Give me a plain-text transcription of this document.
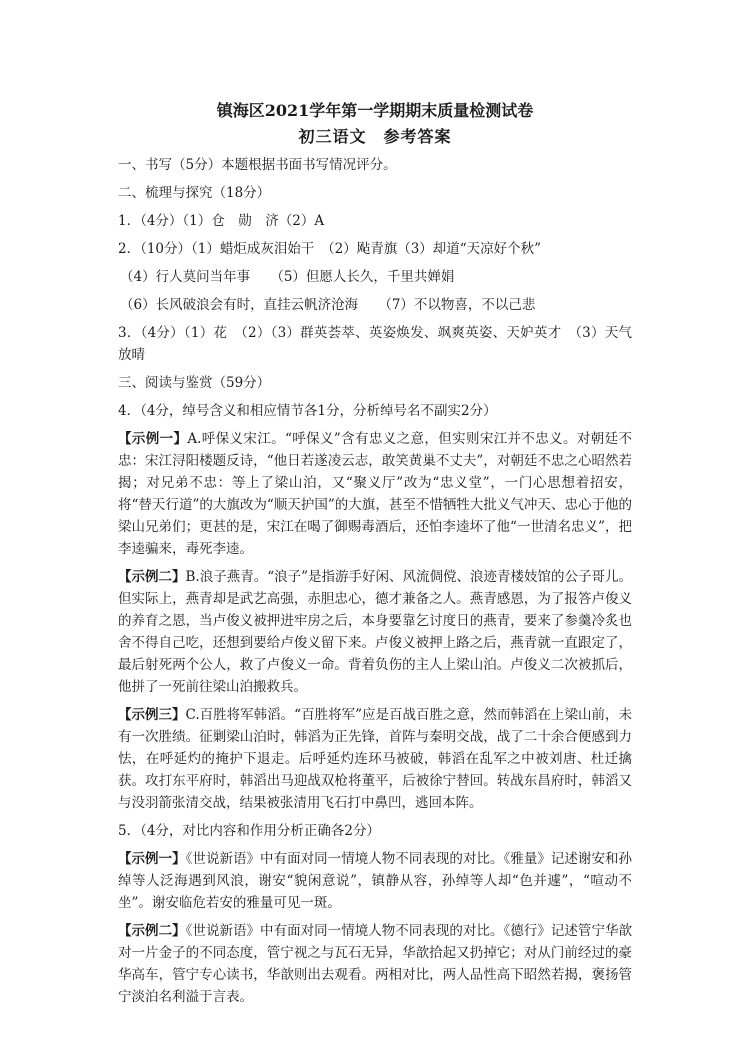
镇海区2021学年第一学期期末质量检测试卷
初三语文　参考答案

一、书写（5分）本题根据书面书写情况评分。

二、梳理与探究（18分）

1．（4分）（1）仓　勋　济（2）A

2．（10分）（1）蜡炬成灰泪始干　（2）飐青旗（3）却道“天凉好个秋”

（4）行人莫问当年事　　（5）但愿人长久，千里共婵娟

（6）长风破浪会有时，直挂云帆济沧海　　（7）不以物喜，不以己悲

3．（4分）（1）花　（2）（3）群英荟萃、英姿焕发、飒爽英姿、天妒英才　（3）天气放晴

三、阅读与鉴赏（59分）

4．（4分，绰号含义和相应情节各1分，分析绰号名不副实2分）

【示例一】A.呼保义宋江。“呼保义”含有忠义之意，但实则宋江并不忠义。对朝廷不忠：宋江浔阳楼题反诗，“他日若遂凌云志，敢笑黄巢不丈夫”，对朝廷不忠之心昭然若揭；对兄弟不忠：等上了梁山泊，又“聚义厅”改为“忠义堂”，一门心思想着招安，将“替天行道”的大旗改为“顺天护国”的大旗，甚至不惜牺牲大批义气冲天、忠心于他的梁山兄弟们；更甚的是，宋江在喝了御赐毒酒后，还怕李逵坏了他“一世清名忠义”，把李逵骗来，毒死李逵。

【示例二】B.浪子燕青。“浪子”是指游手好闲、风流倜傥、浪迹青楼妓馆的公子哥儿。但实际上，燕青却是武艺高强，赤胆忠心，德才兼备之人。燕青感恩，为了报答卢俊义的养育之恩，当卢俊义被押进牢房之后，本身要靠乞讨度日的燕青，要来了参羹冷炙也舍不得自己吃，还想到要给卢俊义留下来。卢俊义被押上路之后，燕青就一直跟定了，最后射死两个公人，救了卢俊义一命。背着负伤的主人上梁山泊。卢俊义二次被抓后，他拼了一死前往梁山泊搬救兵。

【示例三】C.百胜将军韩滔。“百胜将军”应是百战百胜之意，然而韩滔在上梁山前，未有一次胜绩。征剿梁山泊时，韩滔为正先锋，首阵与秦明交战，战了二十余合便感到力怯，在呼延灼的掩护下退走。后呼延灼连环马被破，韩滔在乱军之中被刘唐、杜迁擒获。攻打东平府时，韩滔出马迎战双枪将董平，后被徐宁替回。转战东昌府时，韩滔又与没羽箭张清交战，结果被张清用飞石打中鼻凹，逃回本阵。

5．（4分，对比内容和作用分析正确各2分）

【示例一】《世说新语》中有面对同一情境人物不同表现的对比。《雅量》记述谢安和孙绰等人泛海遇到风浪，谢安“貌闲意说”，镇静从容，孙绰等人却“色并遽”，“喧动不坐”。谢安临危若安的雅量可见一斑。

【示例二】《世说新语》中有面对同一情境人物不同表现的对比。《德行》记述管宁华歆对一片金子的不同态度，管宁视之与瓦石无异，华歆拾起又扔掉它；对从门前经过的豪华高车，管宁专心读书，华歆则出去观看。两相对比，两人品性高下昭然若揭，褒扬管宁淡泊名利溢于言表。
